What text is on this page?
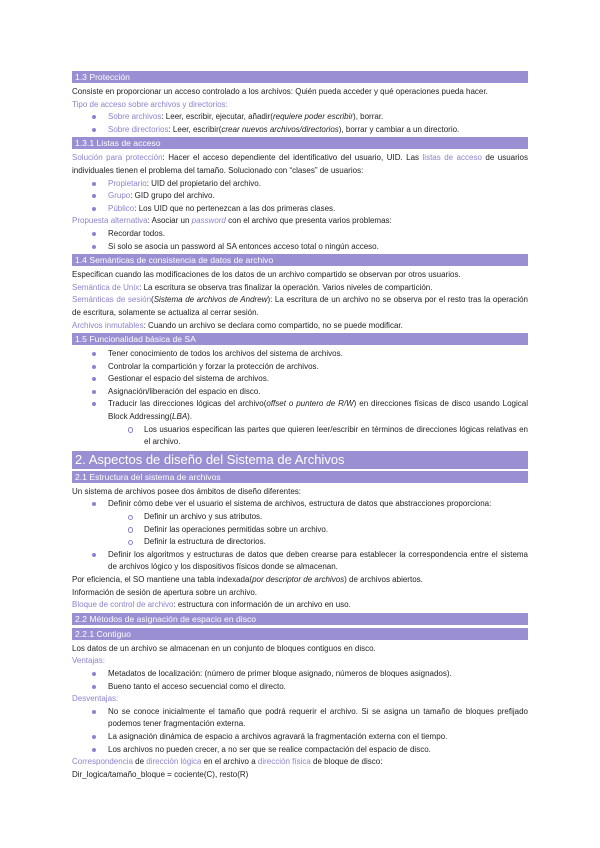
1.3 Protección

Consiste en proporcionar un acceso controlado a los archivos: Quién pueda acceder y qué operaciones pueda hacer.

Tipo de acceso sobre archivos y directorios:

Sobre archivos: Leer, escribir, ejecutar, añadir(requiere poder escribir), borrar.
Sobre directorios: Leer, escribir(crear nuevos archivos/directorios), borrar y cambiar a un directorio.
1.3.1 Listas de acceso

Solución para protección: Hacer el acceso dependiente del identificativo del usuario, UID. Las listas de acceso de usuarios individuales tienen el problema del tamaño. Solucionado con “clases” de usuarios:

Propietario: UID del propietario del archivo.
Grupo: GID grupo del archivo.
Público: Los UID que no pertenezcan a las dos primeras clases.

Propuesta alternativa: Asociar un password con el archivo que presenta varios problemas:

Recordar todos.
Si solo se asocia un password al SA entonces acceso total o ningún acceso.
1.4 Semánticas de consistencia de datos de archivo

Especifican cuando las modificaciones de los datos de un archivo compartido se observan por otros usuarios.

Semántica de Unix: La escritura se observa tras finalizar la operación. Varios niveles de compartición.

Semánticas de sesión(Sistema de archivos de Andrew): La escritura de un archivo no se observa por el resto tras la operación de escritura, solamente se actualiza al cerrar sesión.

Archivos inmutables: Cuando un archivo se declara como compartido, no se puede modificar.

1.5 Funcionalidad básica de SA
Tener conocimiento de todos los archivos del sistema de archivos.
Controlar la compartición y forzar la protección de archivos.
Gestionar el espacio del sistema de archivos.
Asignación/liberación del espacio en disco.
Traducir las direcciones lógicas del archivo(offset o puntero de R/W) en direcciones físicas de disco usando Logical Block Addressing(LBA).
Los usuarios especifican las partes que quieren leer/escribir en términos de direcciones lógicas relativas en el archivo.
2. Aspectos de diseño del Sistema de Archivos
2.1 Estructura del sistema de archivos

Un sistema de archivos posee dos ámbitos de diseño diferentes:

Definir cómo debe ver el usuario el sistema de archivos, estructura de datos que abstracciones proporciona:
Definir un archivo y sus atributos.
Definir las operaciones permitidas sobre un archivo.
Definir la estructura de directorios.
Definir los algoritmos y estructuras de datos que deben crearse para establecer la correspondencia entre el sistema de archivos lógico y los dispositivos físicos donde se almacenan.

Por eficiencia, el SO mantiene una tabla indexada(por descriptor de archivos) de archivos abiertos.

Información de sesión de apertura sobre un archivo.

Bloque de control de archivo: estructura con información de un archivo en uso.

2.2 Métodos de asignación de espacio en disco
2.2.1 Contiguo

Los datos de un archivo se almacenan en un conjunto de bloques contiguos en disco.

Ventajas:

Metadatos de localización: (número de primer bloque asignado, números de bloques asignados).
Bueno tanto el acceso secuencial como el directo.

Desventajas:

No se conoce inicialmente el tamaño que podrá requerir el archivo. Si se asigna un tamaño de bloques prefijado podemos tener fragmentación externa.
La asignación dinámica de espacio a archivos agravará la fragmentación externa con el tiempo.
Los archivos no pueden crecer, a no ser que se realice compactación del espacio de disco.

Correspondencia de dirección lógica en el archivo a dirección física de bloque de disco:

Dir_logica/tamaño_bloque = cociente(C), resto(R)
